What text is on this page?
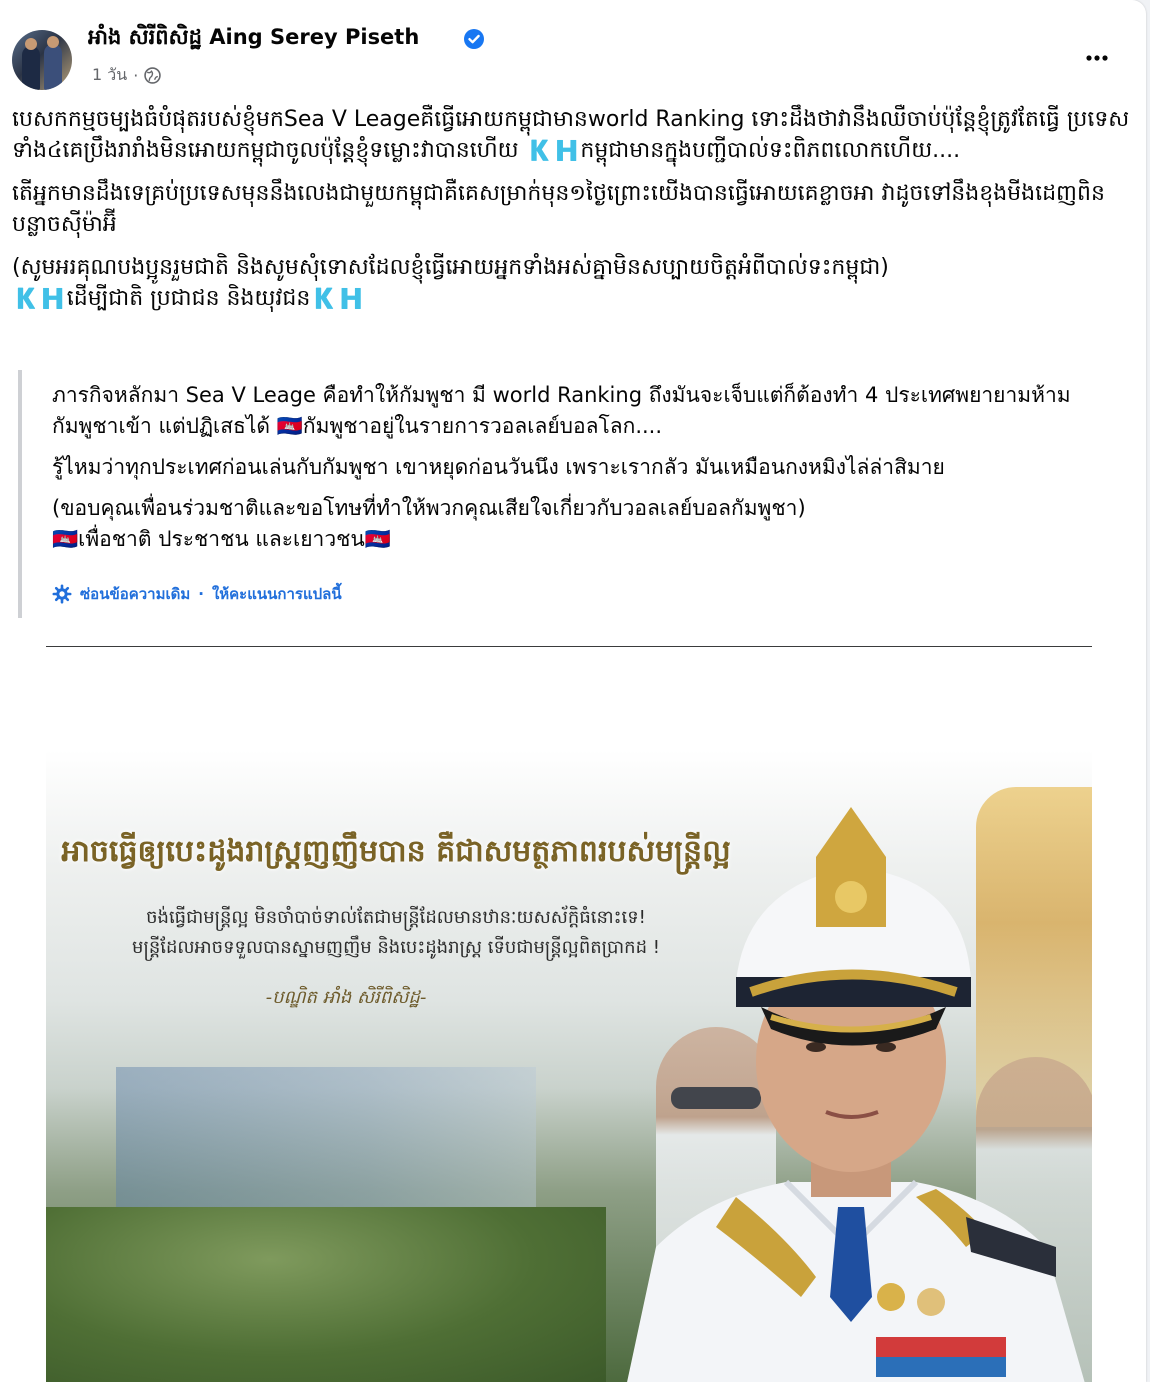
អាំង សិរីពិសិដ្ឋ Aing Serey Piseth
1 วัน ·

បេសកកម្មចម្បងធំបំផុតរបស់ខ្ញុំមកSea V Leageគឺធ្វើអោយកម្ពុជាមានworld Ranking ទោះដឹងថាវានឹងឈឺចាប់ប៉ុន្តែខ្ញុំត្រូវតែធ្វើ ប្រទេសទាំង៤គេប្រឹងរារាំងមិនអោយកម្ពុជាចូលប៉ុន្តែខ្ញុំទម្លោះវាបានហើយ 🇰🇭កម្ពុជាមានក្នុងបញ្ជីបាល់ទះពិភពលោកហើយ....

តើអ្នកមានដឹងទេគ្រប់ប្រទេសមុននឹងលេងជាមួយកម្ពុជាគឺគេសម្រាក់មុន១ថ្ងៃព្រោះយើងបានធ្វើអោយគេខ្លាចអា វាដូចទៅនឹងខុងមីងដេញពិនបន្លាចស៊ីម៉ាអ៊ី

(សូមអរគុណបងប្អូនរួមជាតិ និងសូមសុំទោសដែលខ្ញុំធ្វើអោយអ្នកទាំងអស់គ្នាមិនសប្បាយចិត្តអំពីបាល់ទះកម្ពុជា)
🇰🇭ដើម្បីជាតិ ប្រជាជន និងយុវជន🇰🇭

ภารกิจหลักมา Sea V Leage คือทำให้กัมพูชา มี world Ranking ถึงมันจะเจ็บแต่ก็ต้องทำ 4 ประเทศพยายามห้ามกัมพูชาเข้า แต่ปฏิเสธได้ 🇰🇭กัมพูชาอยู่ในรายการวอลเลย์บอลโลก....

รู้ไหมว่าทุกประเทศก่อนเล่นกับกัมพูชา เขาหยุดก่อนวันนึง เพราะเรากลัว มันเหมือนกงหมิงไล่ล่าสิมาย

(ขอบคุณเพื่อนร่วมชาติและขอโทษที่ทำให้พวกคุณเสียใจเกี่ยวกับวอลเลย์บอลกัมพูชา)
🇰🇭เพื่อชาติ ประชาชน และเยาวชน🇰🇭

ซ่อนข้อความเดิม · ให้คะแนนการแปลนี้
អាចធ្វើឲ្យបេះដូងរាស្ត្រញញឹមបាន គឺជាសមត្ថភាពរបស់មន្ត្រីល្អ
ចង់ធ្វើជាមន្ត្រីល្អ មិនចាំបាច់ទាល់តែជាមន្ត្រីដែលមានឋានៈយសស័ក្តិធំនោះទេ!
មន្ត្រីដែលអាចទទួលបានស្នាមញញឹម និងបេះដូងរាស្ត្រ ទើបជាមន្ត្រីល្អពិតប្រាកដ !
-បណ្ឌិត អាំង សិរីពិសិដ្ឋ-
